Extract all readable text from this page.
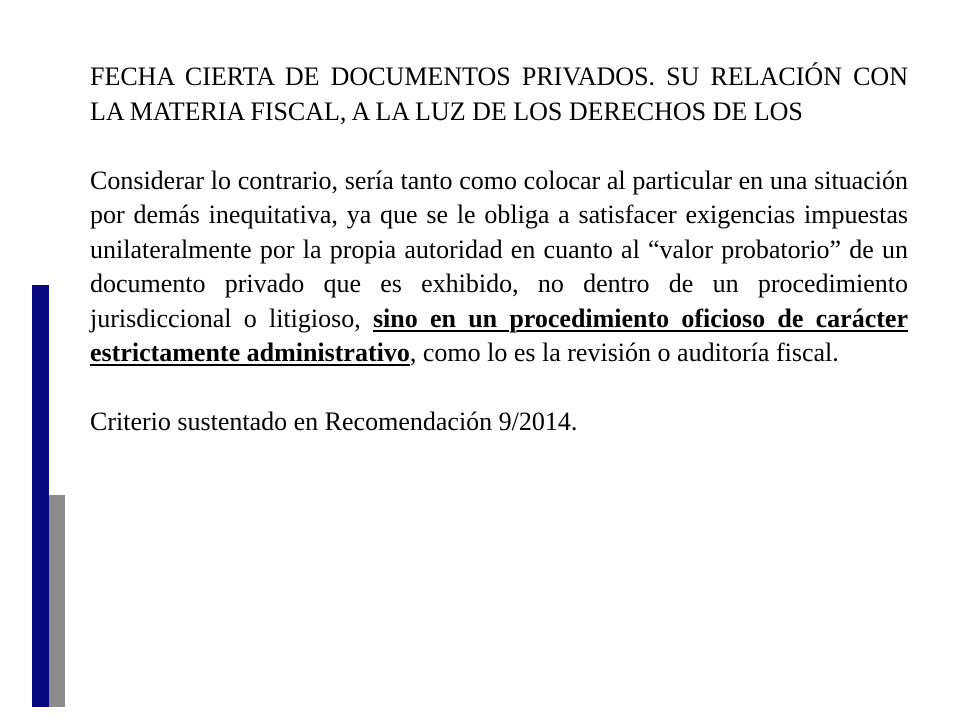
FECHA CIERTA DE DOCUMENTOS PRIVADOS. SU RELACIÓN CON LA MATERIA FISCAL, A LA LUZ DE LOS DERECHOS DE LOS

Considerar lo contrario, sería tanto como colocar al particular en una situación por demás inequitativa, ya que se le obliga a satisfacer exigencias impuestas unilateralmente por la propia autoridad en cuanto al “valor probatorio” de un documento privado que es exhibido, no dentro de un procedimiento jurisdiccional o litigioso, sino en un procedimiento oficioso de carácter estrictamente administrativo, como lo es la revisión o auditoría fiscal.

Criterio sustentado en Recomendación 9/2014.
